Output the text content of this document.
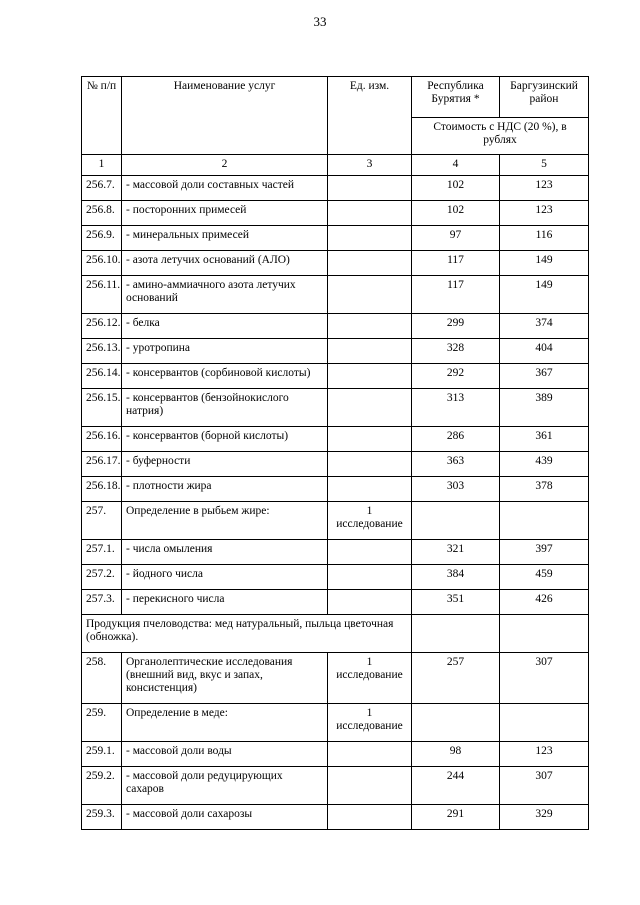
33
№ п/п	Наименование услуг	Ед. изм.	Республика Бурятия *	Баргузинский район
			Стоимость с НДС (20 %), в рублях	
1	2	3	4	5
256.7.	- массовой доли составных частей		102	123
256.8.	- посторонних примесей		102	123
256.9.	- минеральных примесей		97	116
256.10.	- азота летучих оснований (АЛО)		117	149
256.11.	- амино-аммиачного азота летучих оснований		117	149
256.12.	- белка		299	374
256.13.	- уротропина		328	404
256.14.	- консервантов (сорбиновой кислоты)		292	367
256.15.	- консервантов (бензойнокислого натрия)		313	389
256.16.	- консервантов (борной кислоты)		286	361
256.17.	- буферности		363	439
256.18.	- плотности жира		303	378
257.	Определение в рыбьем жире:	1 исследование		
257.1.	- числа омыления		321	397
257.2.	- йодного числа		384	459
257.3.	- перекисного числа		351	426
Продукция пчеловодства: мед натуральный, пыльца цветочная (обножка).				
258.	Органолептические исследования (внешний вид, вкус и запах, консистенция)	1 исследование	257	307
259.	Определение в меде:	1 исследование		
259.1.	- массовой доли воды		98	123
259.2.	- массовой доли редуцирующих сахаров		244	307
259.3.	- массовой доли сахарозы		291	329
